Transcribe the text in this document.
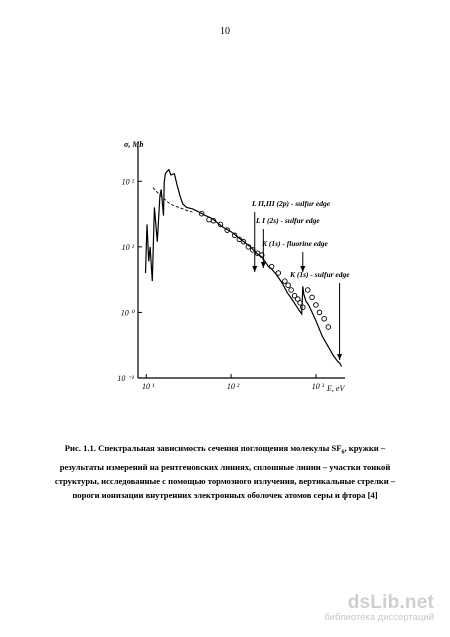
10
10 ⁻¹
10 ⁰
10 ¹
10 ²
10 ¹	10 ²	10 ³
σ, Мb
E, eV
L II,III (2p) - sulfur edge
L I (2s) - sulfur edge
K (1s) - fluorine edge
K (1s) - sulfur edge
Рис. 1.1. Спектральная зависимость сечения поглощения молекулы $SF_6$, кружки –
результаты измерений на рентгеновских линиях, сплошные линии – участки тонкой
структуры, исследованные с помощью тормозного излучения, вертикальные стрелки –
пороги ионизации внутренних электронных оболочек атомов серы и фтора [4]
dsLib.net
библиотека диссертаций
